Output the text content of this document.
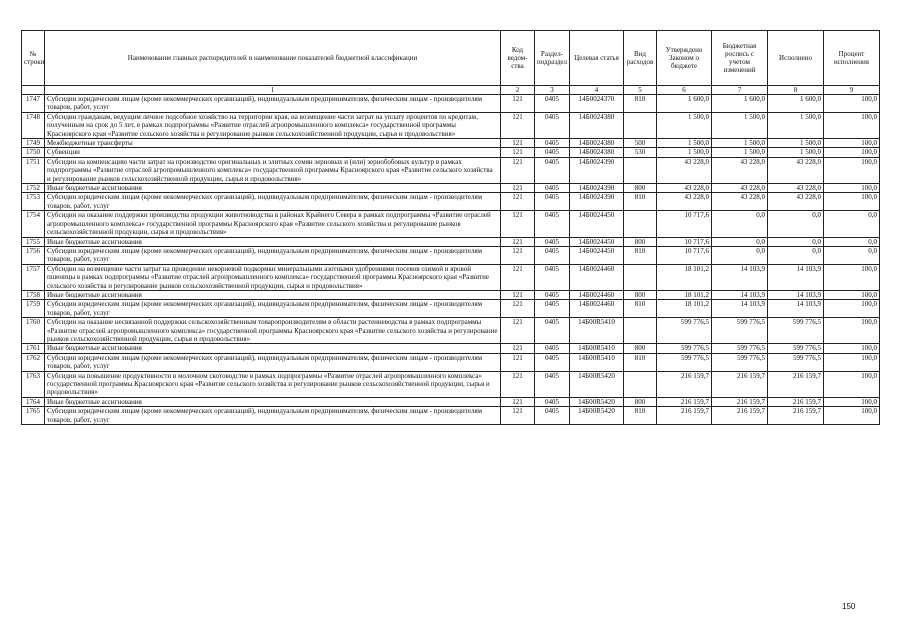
№ строки	Наименование главных распорядителей и наименование показателей бюджетной классификации	Код ведом- ства	Раздел- подраздел	Целевая статья	Вид расходов	Утверждено Законом о бюджете	Бюджетная роспись с учетом изменений	Исполнено	Процент исполнения
	1	2	3	4	5	6	7	8	9
1747	Субсидии юридическим лицам (кроме некоммерческих организаций), индивидуальным предпринимателям, физическим лицам - производителям товаров, работ, услуг	121	0405	14Б0024370	810	1 600,0	1 600,0	1 600,0	100,0
1748	Субсидии гражданам, ведущим личное подсобное хозяйство на территории края, на возмещение части затрат на уплату процентов по кредитам, полученным на срок до 5 лет, в рамках подпрограммы «Развитие отраслей агропромышленного комплекса» государственной программы Красноярского края «Развитие сельского хозяйства и регулирование рынков сельскохозяйственной продукции, сырья и продовольствия»	121	0405	14Б0024380		1 500,0	1 500,0	1 500,0	100,0
1749	Межбюджетные трансферты	121	0405	14Б0024380	500	1 500,0	1 500,0	1 500,0	100,0
1750	Субвенции	121	0405	14Б0024380	530	1 500,0	1 500,0	1 500,0	100,0
1751	Субсидии на компенсацию части затрат на производство оригинальных и элитных семян зерновых и (или) зернобобовых культур в рамках подпрограммы «Развитие отраслей агропромышленного комплекса» государственной программы Красноярского края «Развитие сельского хозяйства и регулирование рынков сельскохозяйственной продукции, сырья и продовольствия»	121	0405	14Б0024390		43 228,0	43 228,0	43 228,0	100,0
1752	Иные бюджетные ассигнования	121	0405	14Б0024390	800	43 228,0	43 228,0	43 228,0	100,0
1753	Субсидии юридическим лицам (кроме некоммерческих организаций), индивидуальным предпринимателям, физическим лицам - производителям товаров, работ, услуг	121	0405	14Б0024390	810	43 228,0	43 228,0	43 228,0	100,0
1754	Субсидии на оказание поддержки производства продукции животноводства в районах Крайнего Севера в рамках подпрограммы «Развитие отраслей агропромышленного комплекса» государственной программы Красноярского края «Развитие сельского хозяйства и регулирование рынков сельскохозяйственной продукции, сырья и продовольствия»	121	0405	14Б0024450		10 717,6	0,0	0,0	0,0
1755	Иные бюджетные ассигнования	121	0405	14Б0024450	800	10 717,6	0,0	0,0	0,0
1756	Субсидии юридическим лицам (кроме некоммерческих организаций), индивидуальным предпринимателям, физическим лицам - производителям товаров, работ, услуг	121	0405	14Б0024450	810	10 717,6	0,0	0,0	0,0
1757	Субсидии на возмещение части затрат на проведение некорневой подкормки минеральными азотными удобрениями посевов озимой и яровой пшеницы в рамках подпрограммы «Развитие отраслей агропромышленного комплекса» государственной программы Красноярского края «Развитие сельского хозяйства и регулирование рынков сельскохозяйственной продукции, сырья и продовольствия»	121	0405	14Б0024460		18 101,2	14 103,9	14 103,9	100,0
1758	Иные бюджетные ассигнования	121	0405	14Б0024460	800	18 101,2	14 103,9	14 103,9	100,0
1759	Субсидии юридическим лицам (кроме некоммерческих организаций), индивидуальным предпринимателям, физическим лицам - производителям товаров, работ, услуг	121	0405	14Б0024460	810	18 101,2	14 103,9	14 103,9	100,0
1760	Субсидии на оказание несвязанной поддержки сельскохозяйственным товаропроизводителям в области растениеводства в рамках подпрограммы «Развитие отраслей агропромышленного комплекса» государственной программы Красноярского края «Развитие сельского хозяйства и регулирование рынков сельскохозяйственной продукции, сырья и продовольствия»	121	0405	14Б00R5410		599 776,5	599 776,5	599 776,5	100,0
1761	Иные бюджетные ассигнования	121	0405	14Б00R5410	800	599 776,5	599 776,5	599 776,5	100,0
1762	Субсидии юридическим лицам (кроме некоммерческих организаций), индивидуальным предпринимателям, физическим лицам - производителям товаров, работ, услуг	121	0405	14Б00R5410	810	599 776,5	599 776,5	599 776,5	100,0
1763	Субсидии на повышение продуктивности в молочном скотоводстве в рамках подпрограммы «Развитие отраслей агропромышленного комплекса» государственной программы Красноярского края «Развитие сельского хозяйства и регулирование рынков сельскохозяйственной продукции, сырья и продовольствия»	121	0405	14Б00R5420		216 159,7	216 159,7	216 159,7	100,0
1764	Иные бюджетные ассигнования	121	0405	14Б00R5420	800	216 159,7	216 159,7	216 159,7	100,0
1765	Субсидии юридическим лицам (кроме некоммерческих организаций), индивидуальным предпринимателям, физическим лицам - производителям товаров, работ, услуг	121	0405	14Б00R5420	810	216 159,7	216 159,7	216 159,7	100,0
150
